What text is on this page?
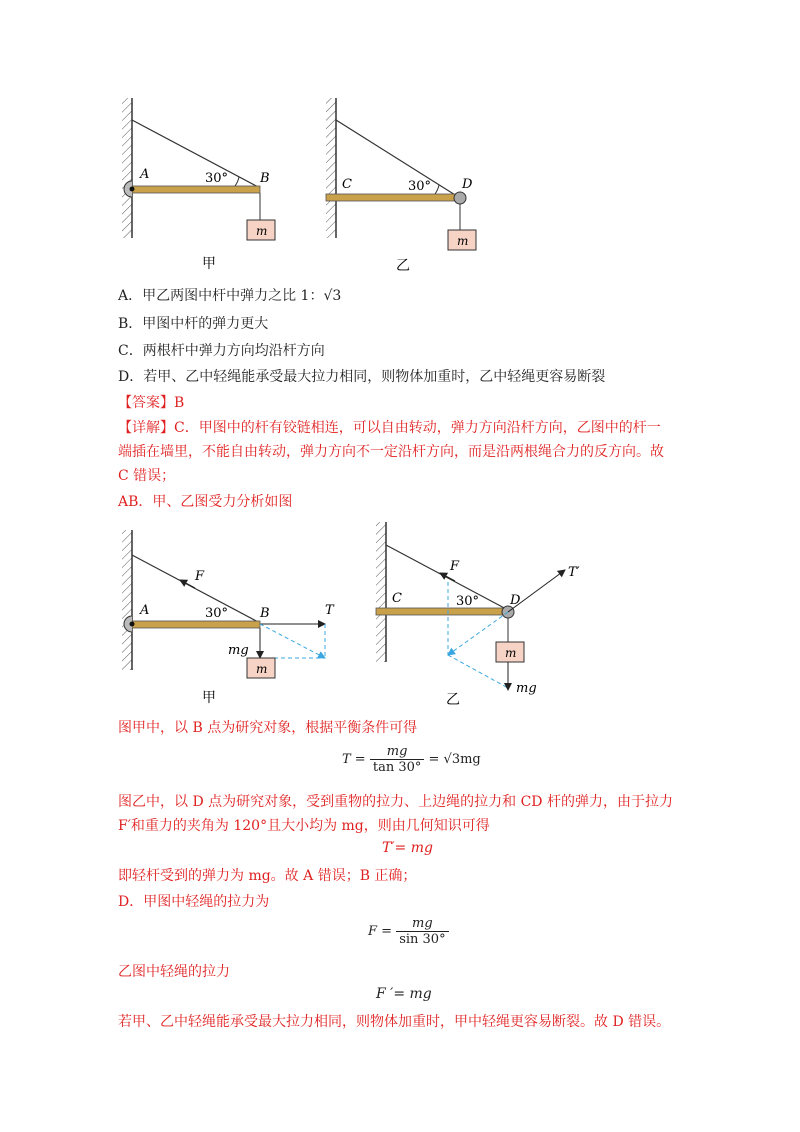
A	30° B
m
甲
C	30° D
m
乙
A．甲乙两图中杆中弹力之比 1：√3
B．甲图中杆的弹力更大
C．两根杆中弹力方向均沿杆方向
D．若甲、乙中轻绳能承受最大拉力相同，则物体加重时，乙中轻绳更容易断裂
【答案】B
【详解】C．甲图中的杆有铰链相连，可以自由转动，弹力方向沿杆方向，乙图中的杆一
端插在墙里，不能自由转动，弹力方向不一定沿杆方向，而是沿两根绳合力的反方向。故
C 错误；
AB．甲、乙图受力分析如图
m
F
T
mg
A	30° B
甲
m
F	T′
mg
C	30° D
乙
图甲中，以 B 点为研究对象，根据平衡条件可得
$T = \frac{mg}{\tan 30^\circ} = √3mg$
图乙中，以 D 点为研究对象，受到重物的拉力、上边绳的拉力和 CD 杆的弹力，由于拉力
F′和重力的夹角为 120°且大小均为 mg，则由几何知识可得
T′= mg
即轻杆受到的弹力为 mg。故 A 错误；B 正确；
D．甲图中轻绳的拉力为
$F = \frac{mg}{\sin 30^\circ}$
乙图中轻绳的拉力
F ′= mg
若甲、乙中轻绳能承受最大拉力相同，则物体加重时，甲中轻绳更容易断裂。故 D 错误。
